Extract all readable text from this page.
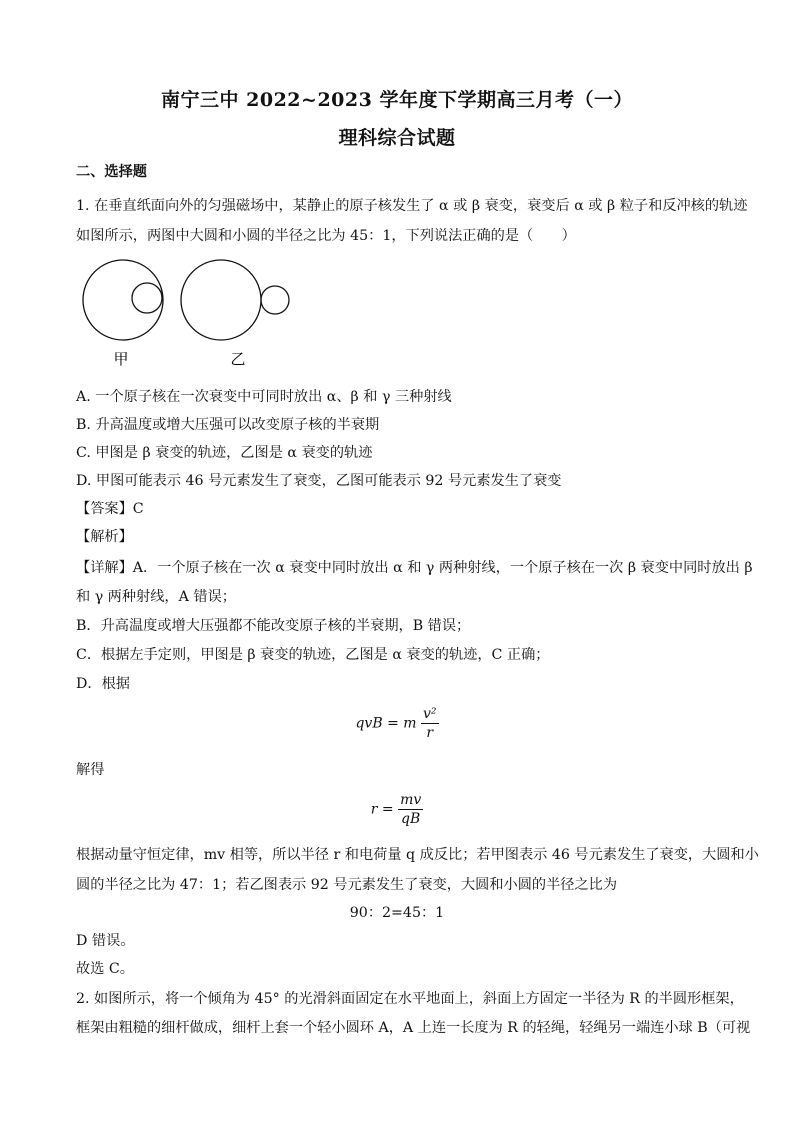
南宁三中 2022~2023 学年度下学期高三月考（一）
理科综合试题
二、选择题
1. 在垂直纸面向外的匀强磁场中，某静止的原子核发生了 α 或 β 衰变，衰变后 α 或 β 粒子和反冲核的轨迹
如图所示，两图中大圆和小圆的半径之比为 45：1，下列说法正确的是（　　）
甲	乙
A. 一个原子核在一次衰变中可同时放出 α、β 和 γ 三种射线
B. 升高温度或增大压强可以改变原子核的半衰期
C. 甲图是 β 衰变的轨迹，乙图是 α 衰变的轨迹
D. 甲图可能表示 46 号元素发生了衰变，乙图可能表示 92 号元素发生了衰变
【答案】C
【解析】
【详解】A．一个原子核在一次 α 衰变中同时放出 α 和 γ 两种射线，一个原子核在一次 β 衰变中同时放出 β
和 γ 两种射线，A 错误；
B．升高温度或增大压强都不能改变原子核的半衰期，B 错误；
C．根据左手定则，甲图是 β 衰变的轨迹，乙图是 α 衰变的轨迹，C 正确；
D．根据
qvB = m $\frac{\text{v²}}{r}$
解得
$r = \frac{mv}{qB}$
根据动量守恒定律，mv 相等，所以半径 r 和电荷量 q 成反比；若甲图表示 46 号元素发生了衰变，大圆和小
圆的半径之比为 47：1；若乙图表示 92 号元素发生了衰变，大圆和小圆的半径之比为
90：2=45：1
D 错误。
故选 C。
2. 如图所示，将一个倾角为 45° 的光滑斜面固定在水平地面上，斜面上方固定一半径为 R 的半圆形框架，
框架由粗糙的细杆做成，细杆上套一个轻小圆环 A，A 上连一长度为 R 的轻绳，轻绳另一端连小球 B（可视
